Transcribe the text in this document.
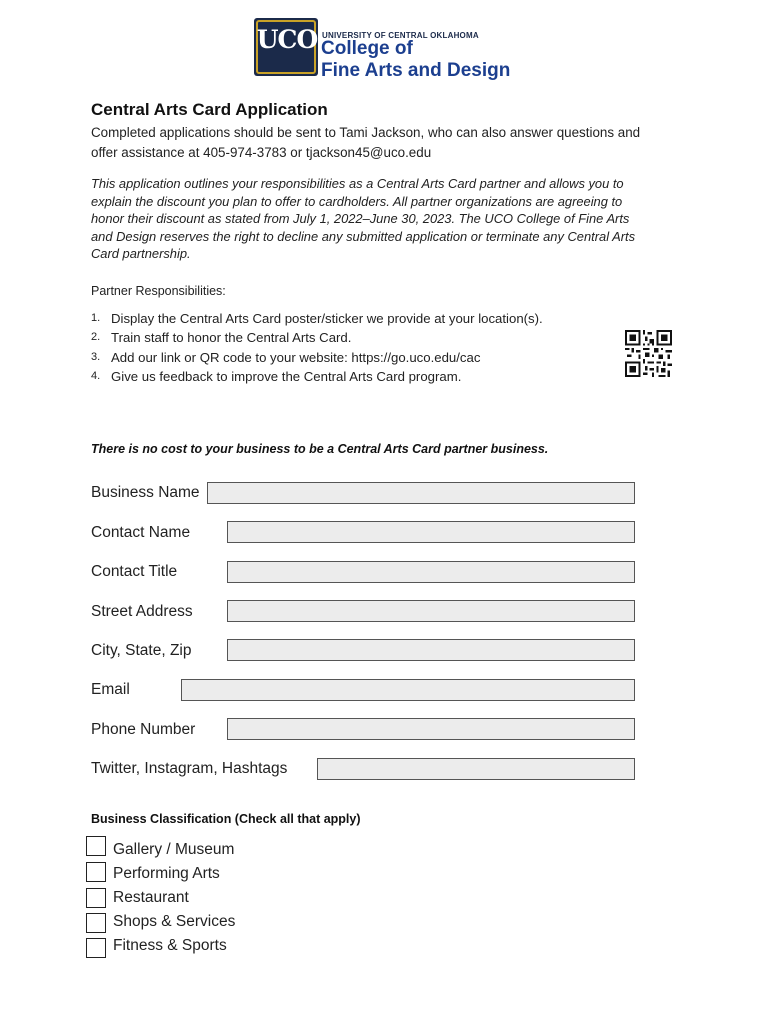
UCO UNIVERSITY OF CENTRAL OKLAHOMA
College of
Fine Arts and Design
Central Arts Card Application
Completed applications should be sent to Tami Jackson, who can also answer questions and
offer assistance at 405-974-3783 or tjackson45@uco.edu
This application outlines your responsibilities as a Central Arts Card partner and allows you to
explain the discount you plan to offer to cardholders. All partner organizations are agreeing to
honor their discount as stated from July 1, 2022–June 30, 2023. The UCO College of Fine Arts
and Design reserves the right to decline any submitted application or terminate any Central Arts
Card partnership.
Partner Responsibilities:
1. Display the Central Arts Card poster/sticker we provide at your location(s).
2. Train staff to honor the Central Arts Card.
3. Add our link or QR code to your website: https://go.uco.edu/cac
4. Give us feedback to improve the Central Arts Card program.
There is no cost to your business to be a Central Arts Card partner business.
Business Name
Contact Name
Contact Title
Street Address
City, State, Zip
Email
Phone Number
Twitter, Instagram, Hashtags
Business Classification (Check all that apply)
Gallery / Museum
Performing Arts
Restaurant
Shops & Services
Fitness & Sports
